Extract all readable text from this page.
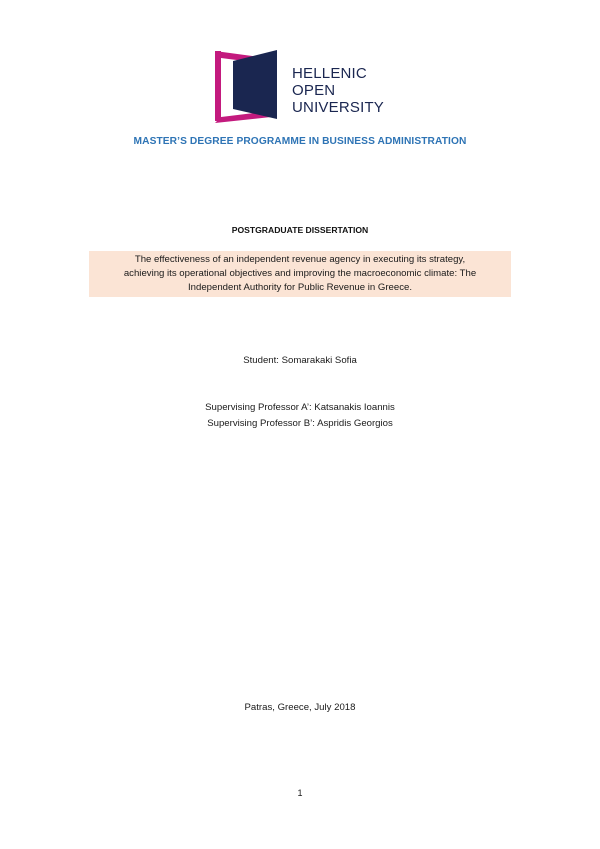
HELLENIC
OPEN
UNIVERSITY
MASTER’S DEGREE PROGRAMME IN BUSINESS ADMINISTRATION
POSTGRADUATE DISSERTATION
The effectiveness of an independent revenue agency in executing its strategy,
achieving its operational objectives and improving the macroeconomic climate: The
Independent Authority for Public Revenue in Greece.
Student: Somarakaki Sofia
Supervising Professor A’: Katsanakis Ioannis
Supervising Professor B’: Aspridis Georgios
Patras, Greece, July 2018
1
